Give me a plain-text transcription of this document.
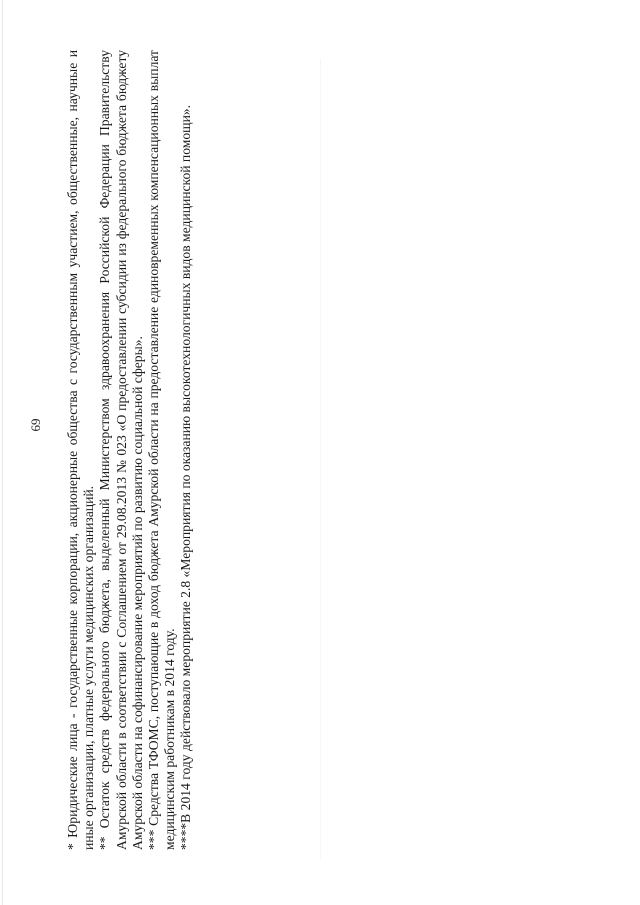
69	* Юридические лица - государственные корпорации, акционерные общества с государственным участием, общественные, научные и иные организации, платные услуги медицинских организаций. ** Остаток средств федерального бюджета, выделенный Министерством здравоохранения Российской Федерации Правительству Амурской области в соответствии с Соглашением от 29.08.2013 № 023 «О предоставлении субсидии из федерального бюджета бюджету Амурской области на софинансирование мероприятий по развитию социальной сферы». *** Средства ТФОМС, поступающие в доход бюджета Амурской области на предоставление единовременных компенсационных выплат медицинским работникам в 2014 году. ****В 2014 году действовало мероприятие 2.8 «Мероприятия по оказанию высокотехнологичных видов медицинской помощи».
